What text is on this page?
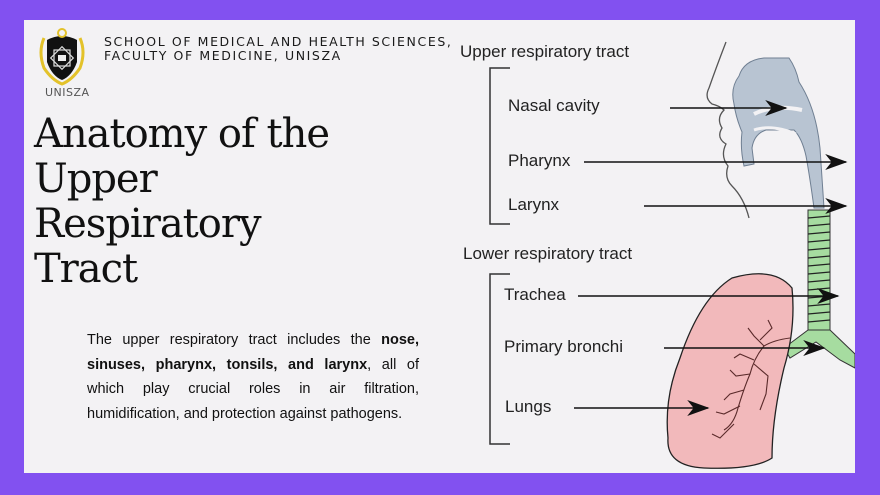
UNISZA
SCHOOL OF MEDICAL AND HEALTH SCIENCES,
FACULTY OF MEDICINE, UNISZA
Anatomy of the
Upper
Respiratory
Tract

The upper respiratory tract includes the nose, sinuses, pharynx, tonsils, and larynx, all of which play crucial roles in air filtration, humidification, and protection against pathogens.

Upper respiratory tract
Nasal cavity
Pharynx
Larynx
Lower respiratory tract
Trachea
Primary bronchi
Lungs
